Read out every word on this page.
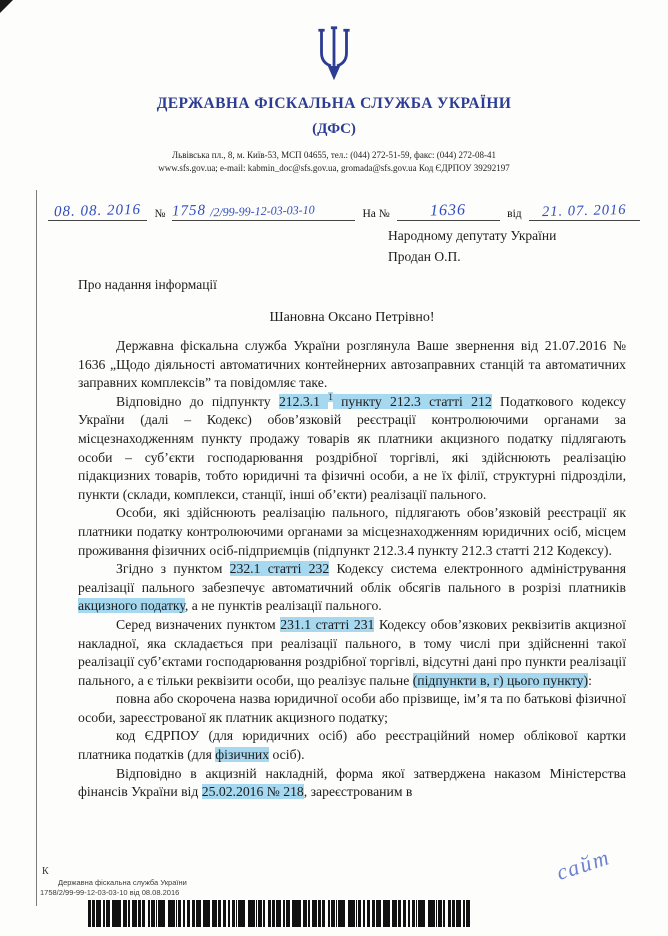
ДЕРЖАВНА ФІСКАЛЬНА СЛУЖБА УКРАЇНИ
(ДФС)
Львівська пл., 8, м. Київ-53, МСП 04655, тел.: (044) 272-51-59, факс: (044) 272-08-41
www.sfs.gov.ua; e-mail: kabmin_doc@sfs.gov.ua, gromada@sfs.gov.ua Код ЄДРПОУ 39292197
08. 08. 2016	№ 1758 /2/99-99-12-03-03-10	На №	1636	від	21. 07. 2016
Народному депутату України
Продан О.П.
Про надання інформації
Шановна Оксано Петрівно!

Державна фіскальна служба України розглянула Ваше звернення від 21.07.2016 № 1636 „Щодо діяльності автоматичних контейнерних автозаправних станцій та автоматичних заправних комплексів” та повідомляє таке.

Відповідно до підпункту 212.3.1 $^1$ пункту 212.3 статті 212 Податкового кодексу України (далі – Кодекс) обов’язковій реєстрації контролюючими органами за місцезнаходженням пункту продажу товарів як платники акцизного податку підлягають особи – суб’єкти господарювання роздрібної торгівлі, які здійснюють реалізацію підакцизних товарів, тобто юридичні та фізичні особи, а не їх філії, структурні підрозділи, пункти (склади, комплекси, станції, інші об’єкти) реалізації пального.

Особи, які здійснюють реалізацію пального, підлягають обов’язковій реєстрації як платники податку контролюючими органами за місцезнаходженням юридичних осіб, місцем проживання фізичних осіб-підприємців (підпункт 212.3.4 пункту 212.3 статті 212 Кодексу).

Згідно з пунктом 232.1 статті 232 Кодексу система електронного адміністрування реалізації пального забезпечує автоматичний облік обсягів пального в розрізі платників акцизного податку, а не пунктів реалізації пального.

Серед визначених пунктом 231.1 статті 231 Кодексу обов’язкових реквізитів акцизної накладної, яка складається при реалізації пального, в тому числі при здійсненні такої реалізації суб’єктами господарювання роздрібної торгівлі, відсутні дані про пункти реалізації пального, а є тільки реквізити особи, що реалізує пальне (підпункти в, г) цього пункту):

повна або скорочена назва юридичної особи або прізвище, ім’я та по батькові фізичної особи, зареєстрованої як платник акцизного податку;

код ЄДРПОУ (для юридичних осіб) або реєстраційний номер облікової картки платника податків (для фізичних осіб).

Відповідно в акцизній накладній, форма якої затверджена наказом Міністерства фінансів України від 25.02.2016 № 218, зареєстрованим в

К
Державна фіскальна служба України
1758/2/99-99-12-03-03-10 від 08.08.2016
сайт
